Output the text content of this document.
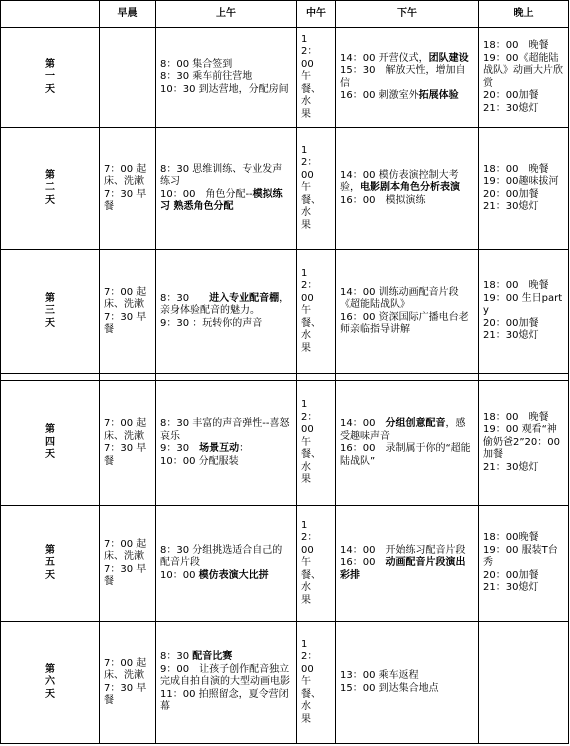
	早晨	上午	中午	下午	晚上
第一天		8：00 集合签到
8：30 乘车前往营地
10：30 到达营地，分配房间	12：00 午餐、水果	14：00 开营仪式，团队建设
15：30　解放天性，增加自信
16：00 刺激室外拓展体验	18：00　晚餐
19：00《超能陆战队》动画大片欣赏
20：00加餐
21：30熄灯

第二天	7：00 起床、洗漱
7：30 早餐	8：30 思维训练、专业发声练习
10：00　角色分配--模拟练习 熟悉角色分配	12：00 午餐、水果	14：00 模仿表演控制大考验，电影剧本角色分析表演
16：00　模拟演练	18：00　晚餐
19：00趣味拔河
20：00加餐
21：30熄灯

第三天	7：00 起床、洗漱
7：30 早餐	8：30　　进入专业配音棚，亲身体验配音的魅力。
9：30 ：玩转你的声音	12：00 午餐、水果	14：00 训练动画配音片段《超能陆战队》
16：00 资深国际广播电台老师亲临指导讲解	18：00　晚餐
19：00 生日party
20：00加餐
21：30熄灯

第四天	7：00 起床、洗漱
7：30 早餐	8：30 丰富的声音弹性--喜怒哀乐
9：30　场景互动：
10：00 分配服装	12：00 午餐、水果	14：00　分组创意配音，感受趣味声音
16：00　录制属于你的“超能陆战队”	18：00　晚餐
19：00 观看“神偷奶爸2”20：00加餐
21：30熄灯

第五天	7：00 起床、洗漱
7：30 早餐	8：30 分组挑选适合自己的配音片段
10：00 模仿表演大比拼	12：00 午餐、水果	14：00　开始练习配音片段
16：00　动画配音片段演出彩排	18：00晚餐
19：00 服装T台秀
20：00加餐
21：30熄灯

第六天	7：00 起床、洗漱
7：30 早餐	8：30 配音比赛
9：00　让孩子创作配音独立完成自拍自演的大型动画电影
11：00 拍照留念，夏令营闭幕	12：00 午餐、水果	13：00 乘车返程
15：00 到达集合地点	
